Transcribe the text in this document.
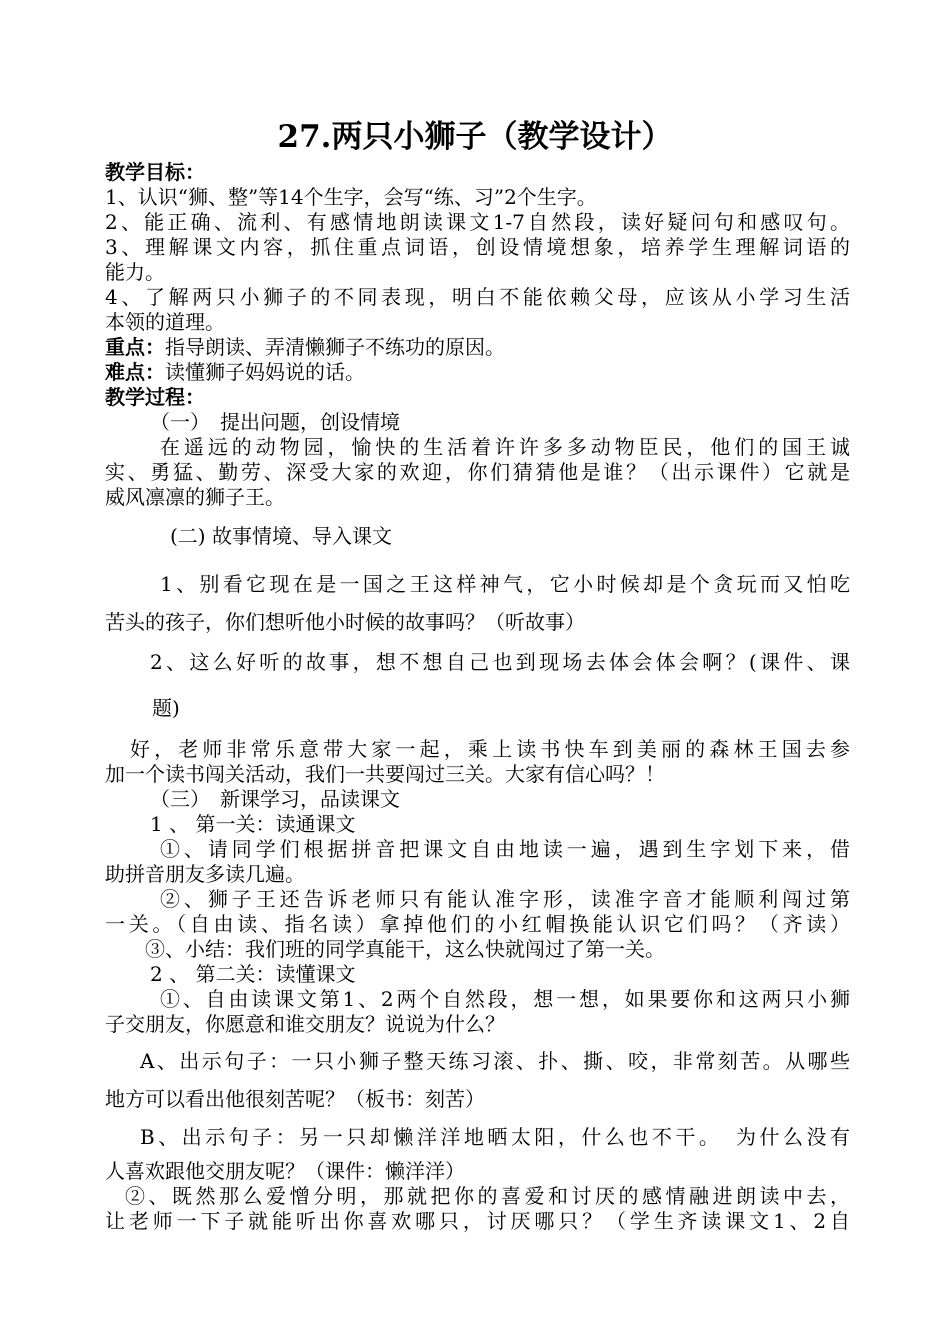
27.两只小狮子（教学设计）
教学目标：
1、认识“狮、整”等14个生字，会写“练、习”2个生字。
2、能正确、流利、有感情地朗读课文1-7自然段，读好疑问句和感叹句。
3、理解课文内容，抓住重点词语，创设情境想象，培养学生理解词语的
能力。
4、了解两只小狮子的不同表现，明白不能依赖父母，应该从小学习生活
本领的道理。
重点：指导朗读、弄清懒狮子不练功的原因。
难点：读懂狮子妈妈说的话。
教学过程：
（一）　提出问题，创设情境
在遥远的动物园，愉快的生活着许许多多动物臣民，他们的国王诚
实、勇猛、勤劳、深受大家的欢迎，你们猜猜他是谁？（出示课件）它就是
威风凛凛的狮子王。
(二) 故事情境、导入课文
1、别看它现在是一国之王这样神气，它小时候却是个贪玩而又怕吃
苦头的孩子，你们想听他小时候的故事吗？（听故事）
2、这么好听的故事，想不想自己也到现场去体会体会啊？(课件、课
题)
好，老师非常乐意带大家一起，乘上读书快车到美丽的森林王国去参
加一个读书闯关活动，我们一共要闯过三关。大家有信心吗？！
（三）　新课学习，品读课文
1 、 第一关：读通课文
①、请同学们根据拼音把课文自由地读一遍，遇到生字划下来，借
助拼音朋友多读几遍。
②、狮子王还告诉老师只有能认准字形，读准字音才能顺利闯过第
一关。（自由读、指名读）拿掉他们的小红帽换能认识它们吗？（齐读）
③、小结：我们班的同学真能干，这么快就闯过了第一关。
2 、 第二关：读懂课文
①、自由读课文第1、2两个自然段，想一想，如果要你和这两只小狮
子交朋友，你愿意和谁交朋友？说说为什么？
A、出示句子：一只小狮子整天练习滚、扑、撕、咬，非常刻苦。从哪些
地方可以看出他很刻苦呢？（板书：刻苦）
B、出示句子：另一只却懒洋洋地晒太阳，什么也不干。　为什么没有
人喜欢跟他交朋友呢？（课件：懒洋洋）
②、既然那么爱憎分明，那就把你的喜爱和讨厌的感情融进朗读中去，
让老师一下子就能听出你喜欢哪只，讨厌哪只？（学生齐读课文1、2自
